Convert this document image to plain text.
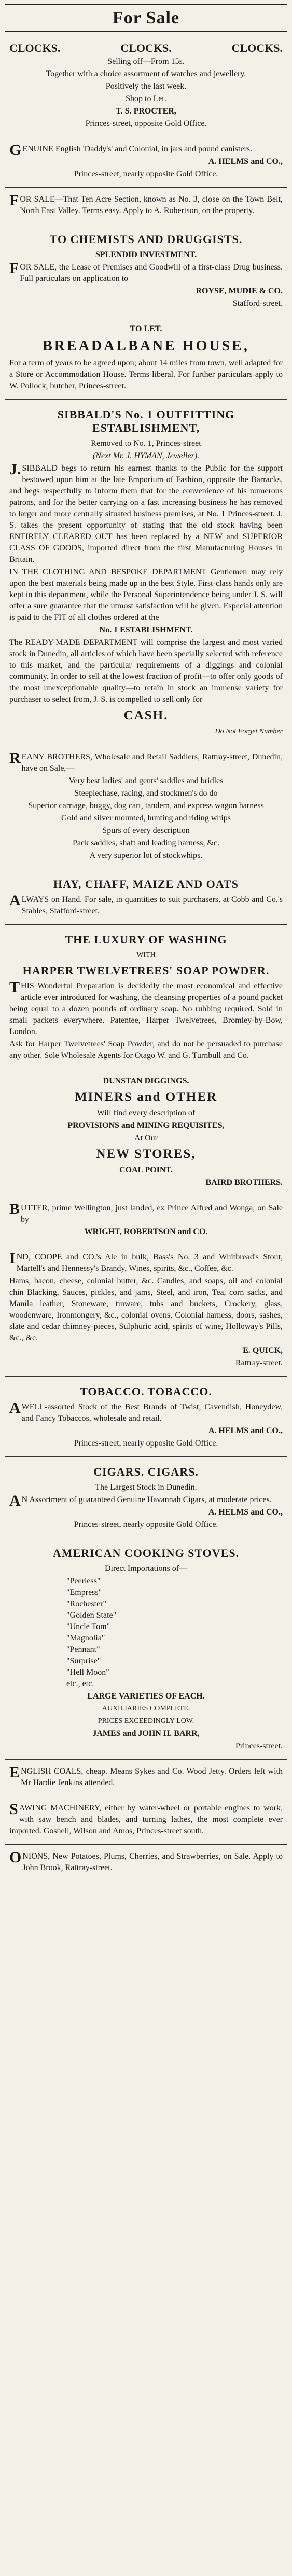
For Sale
CLOCKS.	CLOCKS.	CLOCKS.
Selling off—From 15s.
Together with a choice assortment of watches and jewellery.
Positively the last week.
Shop to Let.
T. S. PROCTER,
Princes-street, opposite Gold Office.
GENUINE English 'Daddy's' and Colonial, in jars and pound canisters.
A. HELMS and CO.,
Princes-street, nearly opposite Gold Office.
FOR SALE—That Ten Acre Section, known as No. 3, close on the Town Belt, North East Valley. Terms easy. Apply to A. Robertson, on the property.
TO CHEMISTS AND DRUGGISTS.
SPLENDID INVESTMENT.
FOR SALE, the Lease of Premises and Goodwill of a first-class Drug business. Full particulars on application to
ROYSE, MUDIE & CO.
Stafford-street.
TO LET.
BREADALBANE HOUSE,
For a term of years to be agreed upon; about 14 miles from town, well adapted for a Store or Accommodation House. Terms liberal. For further particulars apply to W. Pollock, butcher, Princes-street.
SIBBALD'S No. 1 OUTFITTING ESTABLISHMENT,
Removed to No. 1, Princes-street
(Next Mr. J. HYMAN, Jeweller).
J.SIBBALD begs to return his earnest thanks to the Public for the support bestowed upon him at the late Emporium of Fashion, opposite the Barracks, and begs respectfully to inform them that for the convenience of his numerous patrons, and for the better carrying on a fast increasing business he has removed to larger and more centrally situated business premises, at No. 1 Princes-street. J. S. takes the present opportunity of stating that the old stock having been ENTIRELY CLEARED OUT has been replaced by a NEW and SUPERIOR CLASS OF GOODS, imported direct from the first Manufacturing Houses in Britain.
IN THE CLOTHING AND BESPOKE DEPARTMENT Gentlemen may rely upon the best materials being made up in the best Style. First-class hands only are kept in this department, while the Personal Superintendence being under J. S. will offer a sure guarantee that the utmost satisfaction will be given. Especial attention is paid to the FIT of all clothes ordered at the
No. 1 ESTABLISHMENT.
The READY-MADE DEPARTMENT will comprise the largest and most varied stock in Dunedin, all articles of which have been specially selected with reference to this market, and the particular requirements of a diggings and colonial community. In order to sell at the lowest fraction of profit—to offer only goods of the most unexceptionable quality—to retain in stock an immense variety for purchaser to select from, J. S. is compelled to sell only for
CASH.
Do Not Forget Number
REANY BROTHERS, Wholesale and Retail Saddlers, Rattray-street, Dunedin, have on Sale,—
Very best ladies' and gents' saddles and bridles
Steeplechase, racing, and stockmen's do do
Superior carriage, buggy, dog cart, tandem, and express wagon harness
Gold and silver mounted, hunting and riding whips
Spurs of every description
Pack saddles, shaft and leading harness, &c.
A very superior lot of stockwhips.
HAY, CHAFF, MAIZE AND OATS
ALWAYS on Hand. For sale, in quantities to suit purchasers, at Cobb and Co.'s Stables, Stafford-street.
THE LUXURY OF WASHING
WITH
HARPER TWELVETREES' SOAP POWDER.
THIS Wonderful Preparation is decidedly the most economical and effective article ever introduced for washing, the cleansing properties of a pound packet being equal to a dozen pounds of ordinary soap. No rubbing required. Sold in small packets everywhere. Patentee, Harper Twelvetrees, Bromley-by-Bow, London.
Ask for Harper Twelvetrees' Soap Powder, and do not be persuaded to purchase any other. Sole Wholesale Agents for Otago W. and G. Turnbull and Co.
DUNSTAN DIGGINGS.
MINERS and OTHER
Will find every description of
PROVISIONS and MINING REQUISITES,
At Our
NEW STORES,
COAL POINT.
BAIRD BROTHERS.
BUTTER, prime Wellington, just landed, ex Prince Alfred and Wonga, on Sale by
WRIGHT, ROBERTSON and CO.
IND, COOPE and CO.'s Ale in bulk, Bass's No. 3 and Whitbread's Stout, Martell's and Hennessy's Brandy, Wines, spirits, &c., Coffee, &c.
Hams, bacon, cheese, colonial butter, &c. Candles, and soaps, oil and colonial chin Blacking, Sauces, pickles, and jams, Steel, and iron, Tea, corn sacks, and Manila leather, Stoneware, tinware, tubs and buckets, Crockery, glass, woodenware, Ironmongery, &c., colonial ovens, Colonial harness, doors, sashes, slate and cedar chimney-pieces, Sulphuric acid, spirits of wine, Holloway's Pills, &c., &c.
E. QUICK,
Rattray-street.
TOBACCO. TOBACCO.
AWELL-assorted Stock of the Best Brands of Twist, Cavendish, Honeydew, and Fancy Tobaccos, wholesale and retail.
A. HELMS and CO.,
Princes-street, nearly opposite Gold Office.
CIGARS. CIGARS.
The Largest Stock in Dunedin.
AN Assortment of guaranteed Genuine Havannah Cigars, at moderate prices.
A. HELMS and CO.,
Princes-street, nearly opposite Gold Office.
AMERICAN COOKING STOVES.
Direct Importations of—
"Peerless"
"Empress"
"Rochester"
"Golden State"
"Uncle Tom"
"Magnolia"
"Pennant"
"Surprise"
"Hell Moon"
etc., etc.
LARGE VARIETIES OF EACH.
AUXILIARIES COMPLETE.
PRICES EXCEEDINGLY LOW.
JAMES and JOHN H. BARR,
Princes-street.
ENGLISH COALS, cheap. Means Sykes and Co. Wood Jetty. Orders left with Mr Hardie Jenkins attended.
SAWING MACHINERY, either by water-wheel or portable engines to work, with saw bench and blades, and turning lathes, the most complete ever imported. Gosnell, Wilson and Amos, Princes-street south.
ONIONS, New Potatoes, Plums, Cherries, and Strawberries, on Sale. Apply to John Brook, Rattray-street.
